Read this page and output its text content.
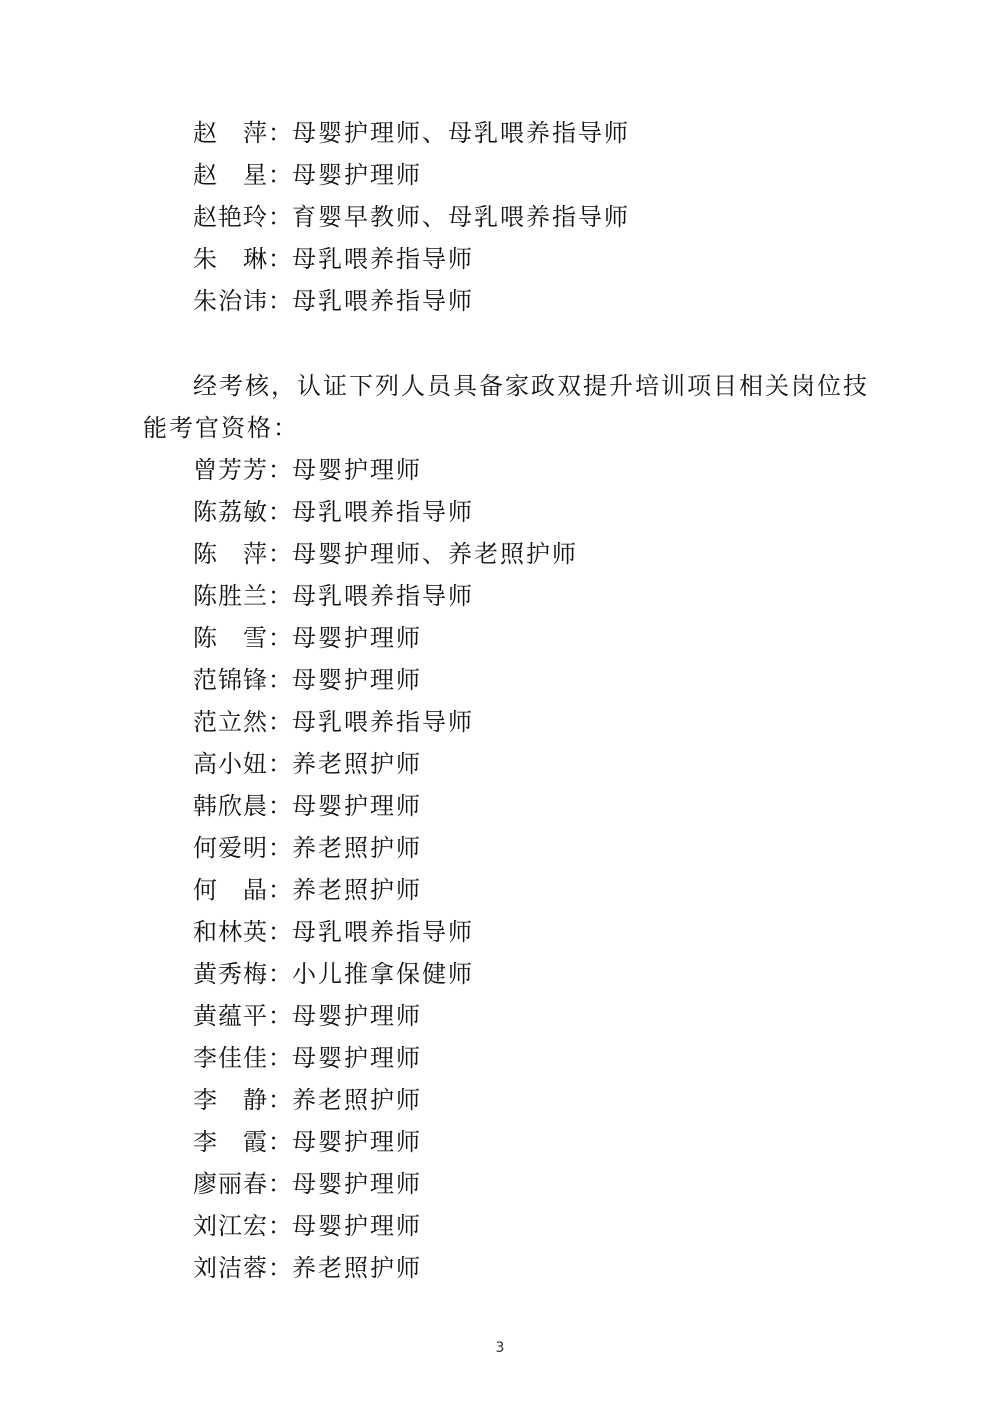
赵　萍：母婴护理师、母乳喂养指导师
赵　星：母婴护理师
赵艳玲：育婴早教师、母乳喂养指导师
朱　琳：母乳喂养指导师
朱治讳：母乳喂养指导师
经考核，认证下列人员具备家政双提升培训项目相关岗位技
能考官资格：
曾芳芳：母婴护理师
陈荔敏：母乳喂养指导师
陈　萍：母婴护理师、养老照护师
陈胜兰：母乳喂养指导师
陈　雪：母婴护理师
范锦锋：母婴护理师
范立然：母乳喂养指导师
高小妞：养老照护师
韩欣晨：母婴护理师
何爱明：养老照护师
何　晶：养老照护师
和林英：母乳喂养指导师
黄秀梅：小儿推拿保健师
黄蕴平：母婴护理师
李佳佳：母婴护理师
李　静：养老照护师
李　霞：母婴护理师
廖丽春：母婴护理师
刘江宏：母婴护理师
刘洁蓉：养老照护师
3
